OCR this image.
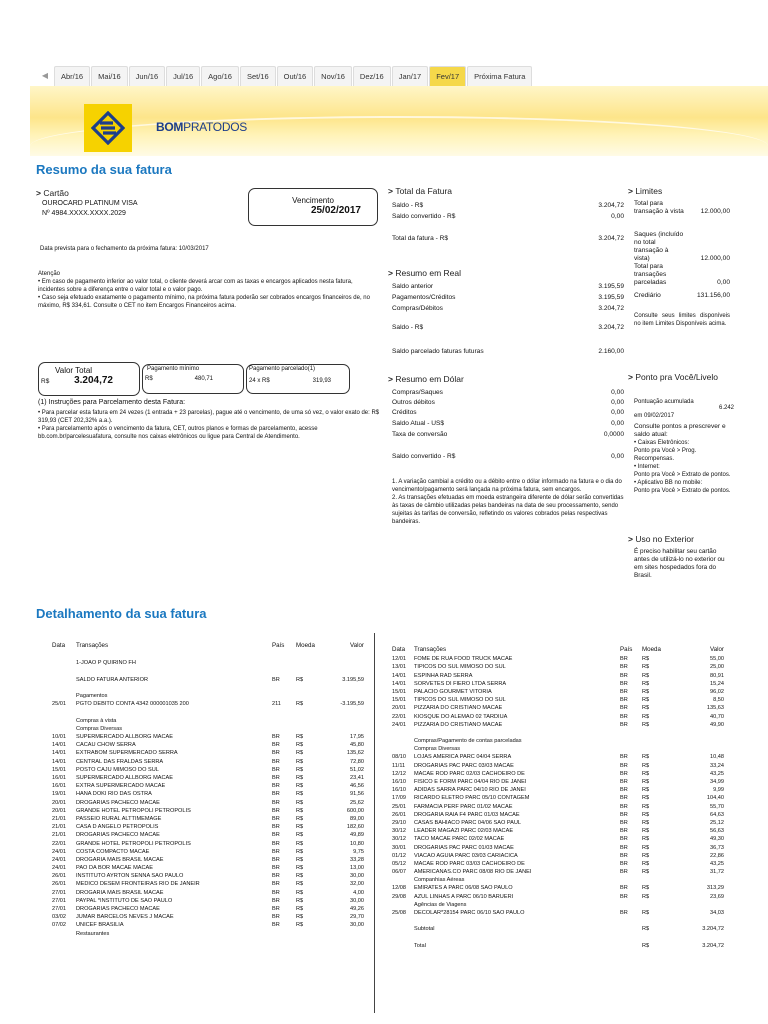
◀	Abr/16	Mai/16	Jun/16	Jul/16	Ago/16	Set/16	Out/16	Nov/16	Dez/16	Jan/17	Fev/17	Próxima Fatura
BOMPRATODOS
Resumo da sua fatura
> Cartão
OUROCARD PLATINUM VISA
Nº 4984.XXXX.XXXX.2029
Vencimento
25/02/2017
Data prevista para o fechamento da próxima fatura: 10/03/2017
Atenção
• Em caso de pagamento inferior ao valor total, o cliente deverá arcar com as taxas e encargos aplicados nesta fatura, incidentes sobre a diferença entre o valor total e o valor pago.
• Caso seja efetuado exatamente o pagamento mínimo, na próxima fatura poderão ser cobrados encargos financeiros de, no máximo, R$ 334,61. Consulte o CET no item Encargos Financeiros acima.
Valor Total
R$ 3.204,72
Pagamento mínimo
R$	480,71
Pagamento parcelado(1)
24 x R$	319,93
(1) Instruções para Parcelamento desta Fatura:
• Para parcelar esta fatura em 24 vezes (1 entrada + 23 parcelas), pague até o vencimento, de uma só vez, o valor exato de: R$ 319,93 (CET 202,32% a.a.).
• Para parcelamento após o vencimento da fatura, CET, outros planos e formas de parcelamento, acesse bb.com.br/parcelesuafatura, consulte nos caixas eletrônicos ou ligue para Central de Atendimento.
> Total da Fatura
Saldo - R$	3.204,72
Saldo convertido - R$	0,00
Total da fatura - R$	3.204,72
> Resumo em Real
Saldo anterior	3.195,59
Pagamentos/Créditos	3.195,59
Compras/Débitos	3.204,72
Saldo - R$	3.204,72
Saldo parcelado faturas futuras	2.160,00
> Resumo em Dólar
Compras/Saques	0,00
Outros débitos	0,00
Créditos	0,00
Saldo Atual - US$	0,00
Taxa de conversão	0,0000
Saldo convertido - R$	0,00
1. A variação cambial a crédito ou a débito entre o dólar informado na fatura e o dia do vencimento/pagamento será lançada na próxima fatura, sem encargos.
2. As transações efetuadas em moeda estrangeira diferente de dólar serão convertidas às taxas de câmbio utilizadas pelas bandeiras na data de seu processamento, sendo sujeitas às tarifas de conversão, refletindo os valores cobrados pelas respectivas bandeiras.
> Limites
Total para transação à vista	12.000,00
Saques (incluído no total transação à vista)	12.000,00
Total para transações parceladas	0,00
Crediário	131.156,00
Consulte seus limites disponíveis no item Limites Disponíveis acima.
> Ponto pra Você/Livelo
Pontuação acumulada
6.242
em 09/02/2017
Consulte pontos a prescrever e saldo atual:
• Caixas Eletrônicos:
Ponto pra Você > Prog. Recompensas.
• Internet:
Ponto pra Você > Extrato de pontos.
• Aplicativo BB no mobile:
Ponto pra Você > Extrato de pontos.
> Uso no Exterior
É preciso habilitar seu cartão antes de utilizá-lo no exterior ou em sites hospedados fora do Brasil.
Detalhamento da sua fatura
Data	Transações	País	Moeda	Valor
1-JOAO P QUIRINO FH
SALDO FATURA ANTERIOR	BR	R$	3.195,59
Pagamentos
25/01	PGTO DEBITO CONTA 4342 000001035 200	211	R$	-3.195,59
Compras à vista
Compras Diversas
10/01	SUPERMERCADO ALLBORG MACAE	BR	R$	17,95
14/01	CACAU CHOW SERRA	BR	R$	45,80
14/01	EXTRABOM SUPERMERCADO SERRA	BR	R$	135,62
14/01	CENTRAL DAS FRALDAS SERRA	BR	R$	72,80
15/01	POSTO CAJU MIMOSO DO SUL	BR	R$	51,02
16/01	SUPERMERCADO ALLBORG MACAE	BR	R$	23,41
16/01	EXTRA SUPERMERCADO MACAE	BR	R$	46,56
19/01	HANA DOKI RIO DAS OSTRA	BR	R$	91,56
20/01	DROGARIAS PACHECO MACAE	BR	R$	25,62
20/01	GRANDE HOTEL PETROPOLI PETROPOLIS	BR	R$	600,00
21/01	PASSEIO RURAL ALTTIMEMAGE	BR	R$	89,00
21/01	CASA D ANGELO PETROPOLIS	BR	R$	182,60
21/01	DROGARIAS PACHECO MACAE	BR	R$	49,89
22/01	GRANDE HOTEL PETROPOLI PETROPOLIS	BR	R$	10,80
24/01	COSTA COMPACTO MACAE	BR	R$	9,75
24/01	DROGARIA MAIS BRASIL MACAE	BR	R$	33,28
24/01	PAO DA BOR MACAE MACAE	BR	R$	13,00
26/01	INSTITUTO AYRTON SENNA SAO PAULO	BR	R$	30,00
26/01	MEDICO DESEM FRONTEIRAS RIO DE JANEIR	BR	R$	32,00
27/01	DROGARIA MAIS BRASIL MACAE	BR	R$	4,00
27/01	PAYPAL *INSTITUTO DE SAO PAULO	BR	R$	30,00
27/01	DROGARIAS PACHECO MACAE	BR	R$	49,26
03/02	JUMAR BARCELOS NEVES J MACAE	BR	R$	29,70
07/02	UNICEF BRASILIA	BR	R$	30,00
Restaurantes
Data	Transações	País	Moeda	Valor
12/01	FOME DE RUA FOOD TRUCK MACAE	BR	R$	55,00
13/01	TIPICOS DO SUL MIMOSO DO SUL	BR	R$	25,00
14/01	ESPINHA RAD SERRA	BR	R$	80,91
14/01	SORVETES DI FIERO LTDA SERRA	BR	R$	15,24
15/01	PALACIO GOURMET VITORIA	BR	R$	96,02
15/01	TIPICOS DO SUL MIMOSO DO SUL	BR	R$	8,50
20/01	PIZZARIA DO CRISTIANO MACAE	BR	R$	135,63
22/01	KIOSQUE DO ALEMAO 02 TARDIUA	BR	R$	40,70
24/01	PIZZARIA DO CRISTIANO MACAE	BR	R$	49,90
Compras/Pagamento de contas parceladas
Compras Diversas
08/10	LOJAS AMERICA PARC 04/04 SERRA	BR	R$	10,48
11/11	DROGARIAS PAC PARC 03/03 MACAE	BR	R$	33,24
12/12	MACAE ROD PARC 02/03 CACHOEIRO DE	BR	R$	43,25
16/10	FISICO E FORM PARC 04/04 RIO DE JANEI	BR	R$	34,99
16/10	ADIDAS SARRA PARC 04/10 RIO DE JANEI	BR	R$	9,99
17/09	RICARDO ELETRO PARC 05/10 CONTAGEM	BR	R$	104,40
25/01	FARMACIA PERF PARC 01/02 MACAE	BR	R$	55,70
26/01	DROGARIA RAIA F4 PARC 01/03 MACAE	BR	R$	64,63
29/10	CASAS BAHIACO PARC 04/06 SAO PAUL	BR	R$	25,12
30/12	LEADER MAGAZI PARC 02/03 MACAE	BR	R$	56,63
30/12	TACO MACAE PARC 02/02 MACAE	BR	R$	49,30
30/01	DROGARIAS PAC PARC 01/03 MACAE	BR	R$	36,73
01/12	VIACAO AGUIA PARC 03/03 CARIACICA	BR	R$	22,86
05/12	MACAE ROD PARC 03/03 CACHOEIRO DE	BR	R$	43,25
06/07	AMERICANAS.CO PARC 08/08 RIO DE JANEI	BR	R$	31,72
Companhias Aéreas
12/08	EMIRATES A PARC 06/08 SAO PAULO	BR	R$	313,29
29/08	AZUL LINHAS A PARC 06/10 BARUERI	BR	R$	23,69
Agências de Viagens
25/08	DECOLAR*28154 PARC 06/10 SAO PAULO	BR	R$	34,03
Subtotal	R$	3.204,72
Total	R$	3.204,72
